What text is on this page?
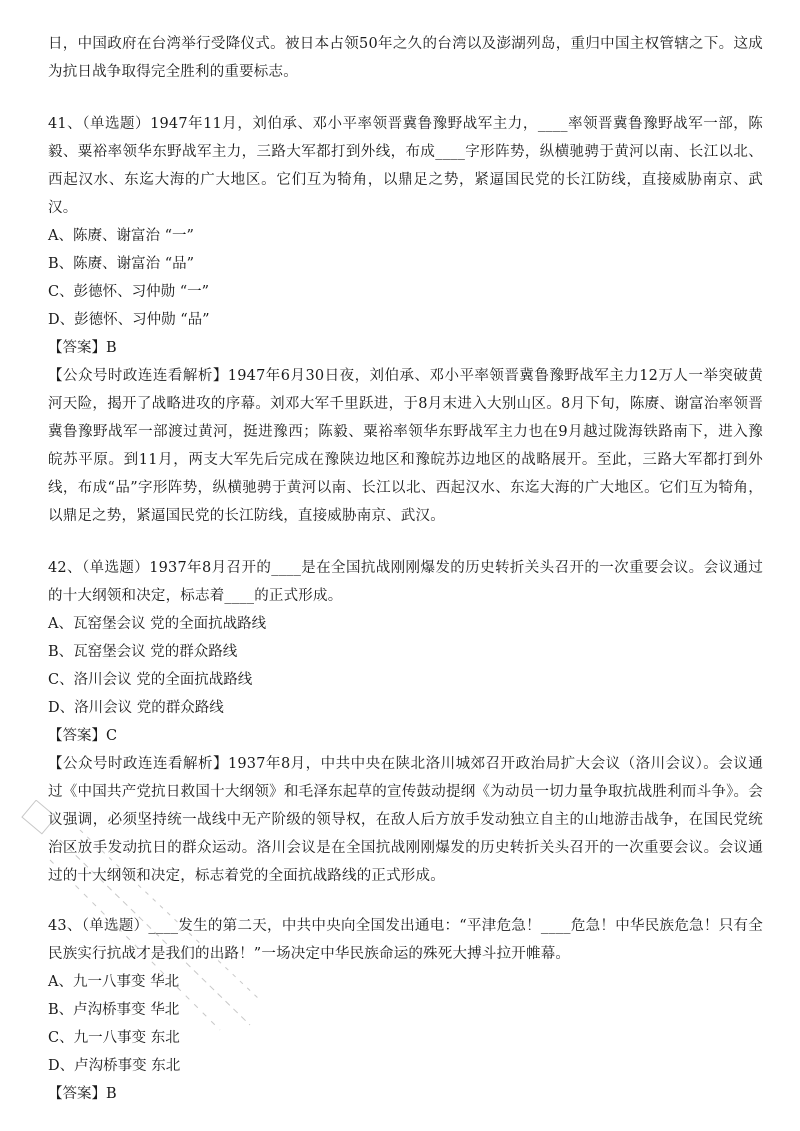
日，中国政府在台湾举行受降仪式。被日本占领50年之久的台湾以及澎湖列岛，重归中国主权管辖之下。这成为抗日战争取得完全胜利的重要标志。

41、（单选题）1947年11月，刘伯承、邓小平率领晋冀鲁豫野战军主力，____率领晋冀鲁豫野战军一部，陈毅、粟裕率领华东野战军主力，三路大军都打到外线，布成____字形阵势，纵横驰骋于黄河以南、长江以北、西起汉水、东迄大海的广大地区。它们互为犄角，以鼎足之势，紧逼国民党的长江防线，直接威胁南京、武汉。

A、陈赓、谢富治 “一”

B、陈赓、谢富治 “品”

C、彭德怀、习仲勋 “一”

D、彭德怀、习仲勋 “品”

【答案】B

【公众号时政连连看解析】1947年6月30日夜，刘伯承、邓小平率领晋冀鲁豫野战军主力12万人一举突破黄河天险，揭开了战略进攻的序幕。刘邓大军千里跃进，于8月末进入大别山区。8月下旬，陈赓、谢富治率领晋冀鲁豫野战军一部渡过黄河，挺进豫西；陈毅、粟裕率领华东野战军主力也在9月越过陇海铁路南下，进入豫皖苏平原。到11月，两支大军先后完成在豫陕边地区和豫皖苏边地区的战略展开。至此，三路大军都打到外线，布成“品”字形阵势，纵横驰骋于黄河以南、长江以北、西起汉水、东迄大海的广大地区。它们互为犄角，以鼎足之势，紧逼国民党的长江防线，直接威胁南京、武汉。

42、（单选题）1937年8月召开的____是在全国抗战刚刚爆发的历史转折关头召开的一次重要会议。会议通过的十大纲领和决定，标志着____的正式形成。

A、瓦窑堡会议 党的全面抗战路线

B、瓦窑堡会议 党的群众路线

C、洛川会议 党的全面抗战路线

D、洛川会议 党的群众路线

【答案】C

【公众号时政连连看解析】1937年8月，中共中央在陕北洛川城郊召开政治局扩大会议（洛川会议）。会议通过《中国共产党抗日救国十大纲领》和毛泽东起草的宣传鼓动提纲《为动员一切力量争取抗战胜利而斗争》。会议强调，必须坚持统一战线中无产阶级的领导权，在敌人后方放手发动独立自主的山地游击战争，在国民党统治区放手发动抗日的群众运动。洛川会议是在全国抗战刚刚爆发的历史转折关头召开的一次重要会议。会议通过的十大纲领和决定，标志着党的全面抗战路线的正式形成。

43、（单选题）____发生的第二天，中共中央向全国发出通电：“平津危急！____危急！中华民族危急！只有全民族实行抗战才是我们的出路！”一场决定中华民族命运的殊死大搏斗拉开帷幕。

A、九一八事变 华北

B、卢沟桥事变 华北

C、九一八事变 东北

D、卢沟桥事变 东北

【答案】B
